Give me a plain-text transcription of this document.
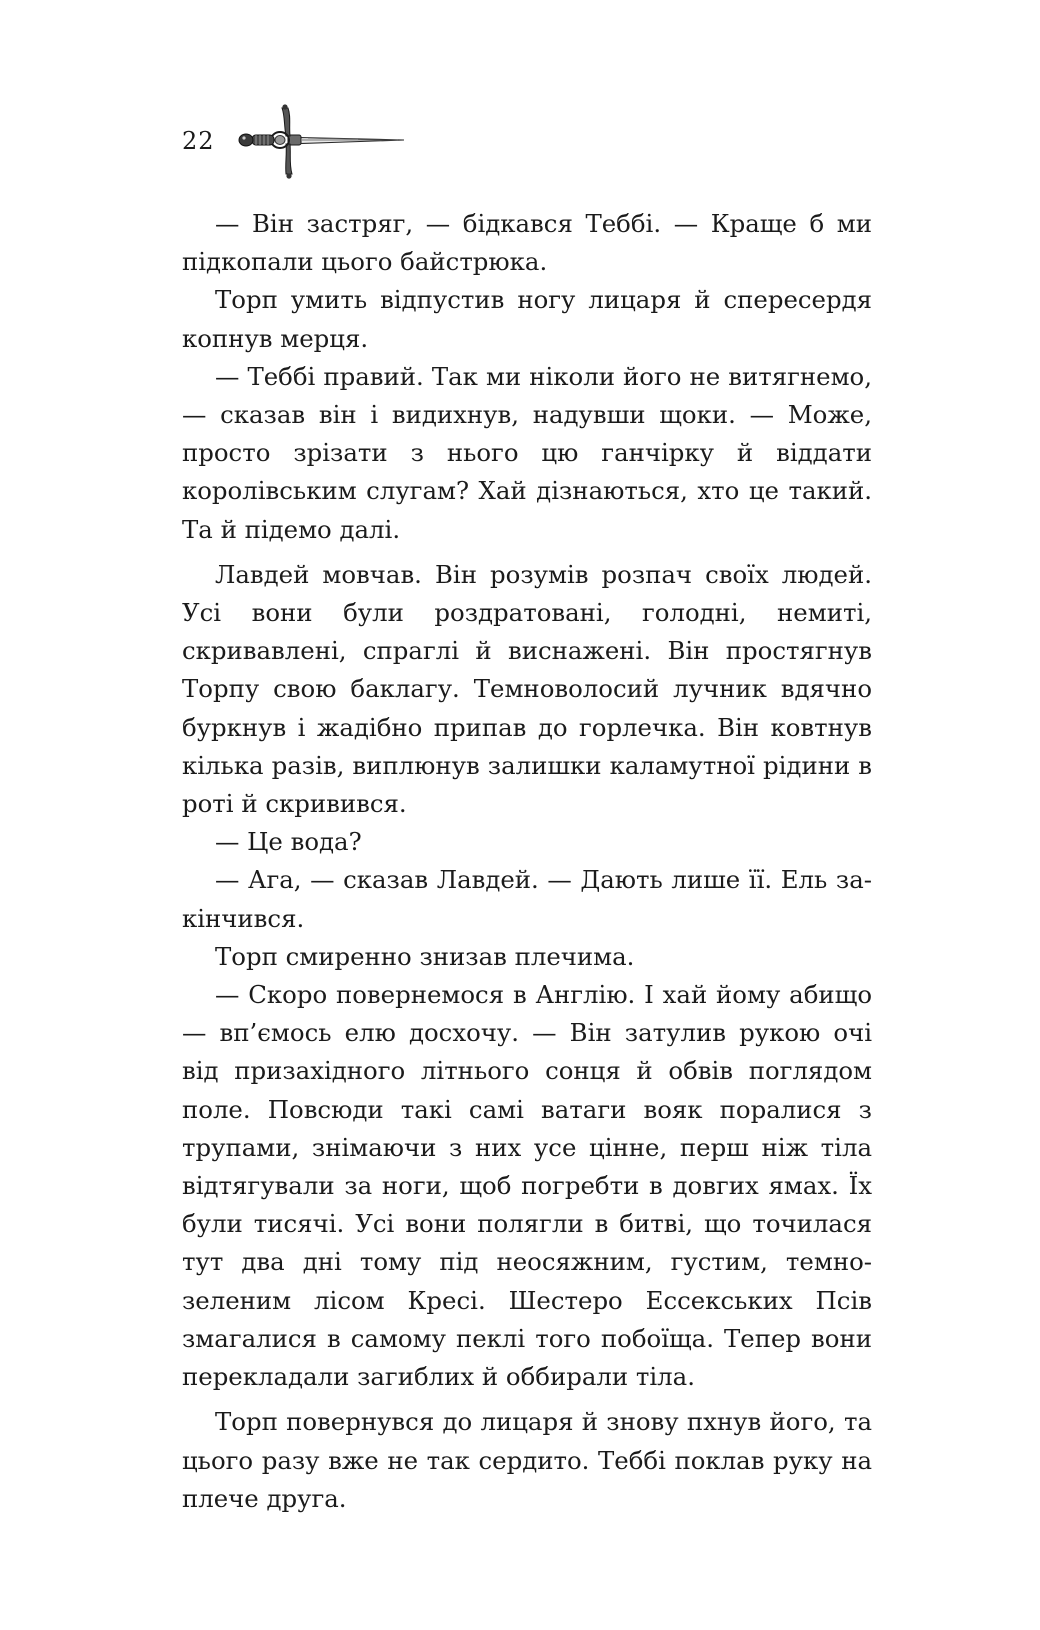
22

— Він застряг, — бідкався Теббі. — Краще б ми підкопали цього байстрюка.

Торп умить відпустив ногу лицаря й спересердя копнув мерця.

— Теббі правий. Так ми ніколи його не витягнемо, — сказав він і видихнув, надувши щоки. — Може, просто зрізати з нього цю ганчірку й віддати королівським слугам? Хай дізнаються, хто це такий. Та й підемо далі.

Лавдей мовчав. Він розумів розпач своїх людей. Усі вони були роздратовані, голодні, немиті, скривавлені, спраглі й виснажені. Він простягнув Торпу свою баклагу. Темноволосий лучник вдячно буркнув і жадібно припав до горлечка. Він ковтнув кілька разів, виплюнув залишки каламутної рідини в роті й скривився.

— Це вода?

— Ага, — сказав Лавдей. — Дають лише її. Ель закінчився.

Торп смиренно знизав плечима.

— Скоро повернемося в Англію. І хай йому абищо — вп’ємось елю досхочу. — Він затулив рукою очі від призахідного літнього сонця й обвів поглядом поле. Повсюди такі самі ватаги вояк поралися з трупами, знімаючи з них усе цінне, перш ніж тіла відтягували за ноги, щоб погребти в довгих ямах. Їх були тисячі. Усі вони полягли в битві, що точилася тут два дні тому під неосяжним, густим, темно-зеленим лісом Кресі. Шестеро Ессекських Псів змагалися в самому пеклі того побоїща. Тепер вони перекладали загиблих й оббирали тіла.

Торп повернувся до лицаря й знову пхнув його, та цього разу вже не так сердито. Теббі поклав руку на плече друга.
